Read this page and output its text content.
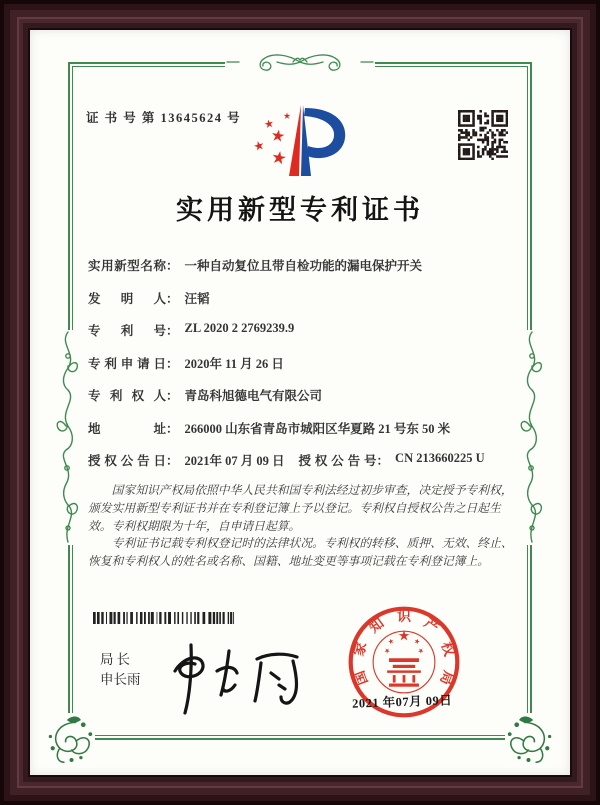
证 书 号 第 13645624 号
实用新型专利证书
实用新型名称 ： 一种自动复位且带自检功能的漏电保护开关
发明人 ： 汪韬
专利号 ： ZL 2020 2 2769239.9
专利申请日 ： 2020年 11 月 26 日
专利权人 ： 青岛科旭德电气有限公司
地址 ： 266000 山东省青岛市城阳区华夏路 21 号东 50 米
授权公告日 ： 2021年 07 月 09 日 授权公告号 ： CN 213660225 U

国家知识产权局依照中华人民共和国专利法经过初步审查，决定授予专利权，颁发实用新型专利证书并在专利登记簿上予以登记。专利权自授权公告之日起生效。专利权期限为十年，自申请日起算。

专利证书记载专利权登记时的法律状况。专利权的转移、质押、无效、终止、恢复和专利权人的姓名或名称、国籍、地址变更等事项记载在专利登记簿上。

局长
申长雨	国家知识产权局
2021 年07月 09日
